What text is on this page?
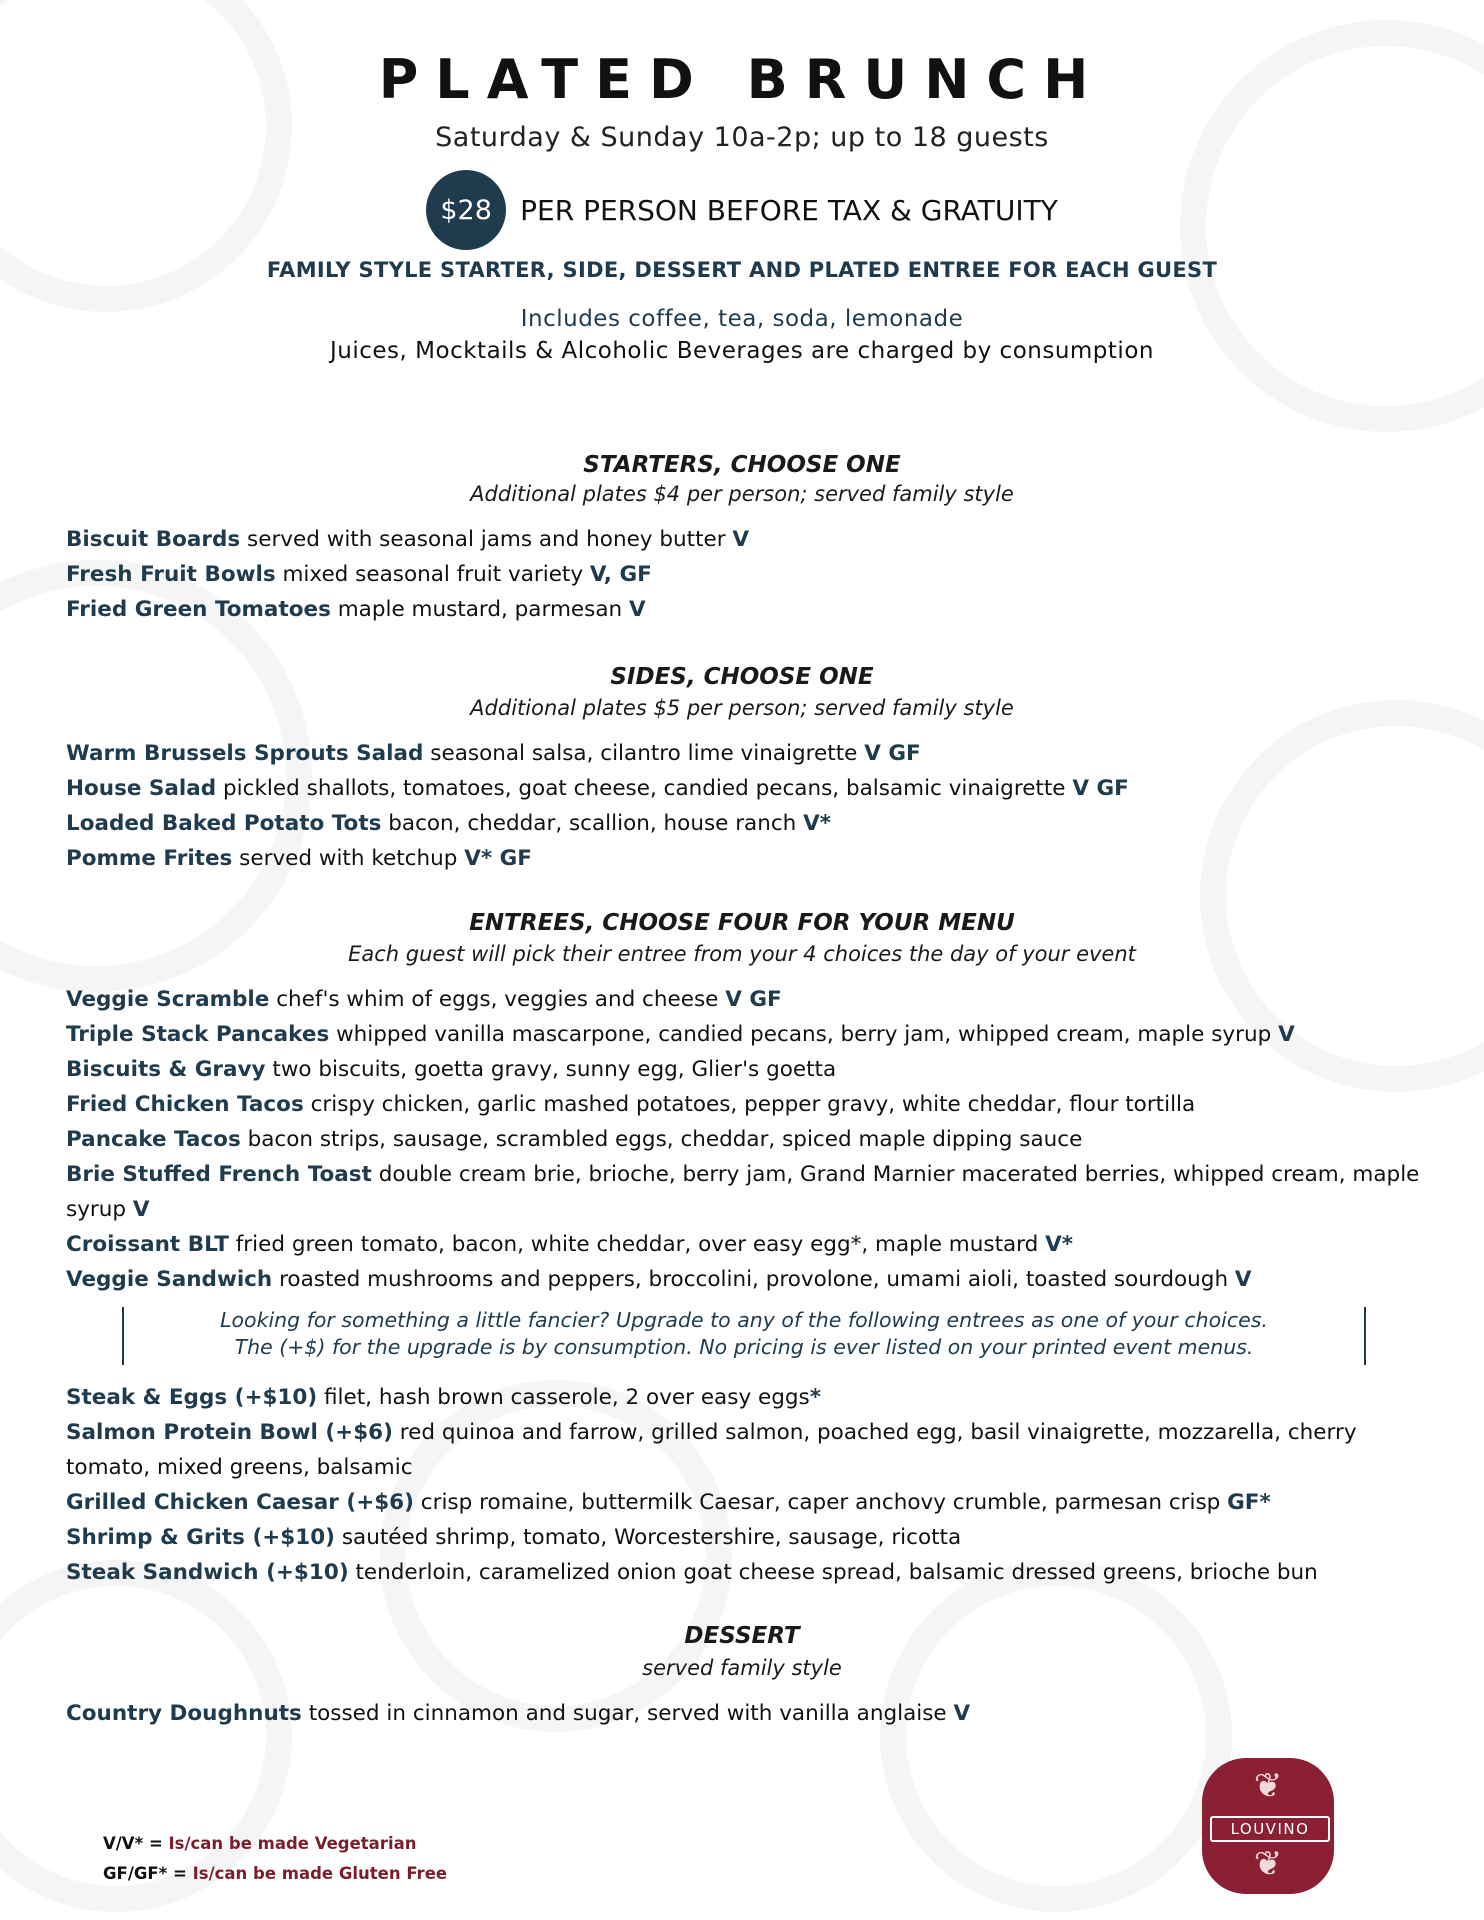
PLATED BRUNCH
Saturday & Sunday 10a-2p; up to 18 guests
$28	PER PERSON BEFORE TAX & GRATUITY
FAMILY STYLE STARTER, SIDE, DESSERT AND PLATED ENTREE FOR EACH GUEST
Includes coffee, tea, soda, lemonade
Juices, Mocktails & Alcoholic Beverages are charged by consumption
STARTERS, CHOOSE ONE
Additional plates $4 per person; served family style
Biscuit Boards served with seasonal jams and honey butter V
Fresh Fruit Bowls mixed seasonal fruit variety V, GF
Fried Green Tomatoes maple mustard, parmesan V
SIDES, CHOOSE ONE
Additional plates $5 per person; served family style
Warm Brussels Sprouts Salad seasonal salsa, cilantro lime vinaigrette V GF
House Salad pickled shallots, tomatoes, goat cheese, candied pecans, balsamic vinaigrette V GF
Loaded Baked Potato Tots bacon, cheddar, scallion, house ranch V*
Pomme Frites served with ketchup V* GF
ENTREES, CHOOSE FOUR FOR YOUR MENU
Each guest will pick their entree from your 4 choices the day of your event
Veggie Scramble chef's whim of eggs, veggies and cheese V GF
Triple Stack Pancakes whipped vanilla mascarpone, candied pecans, berry jam, whipped cream, maple syrup V
Biscuits & Gravy two biscuits, goetta gravy, sunny egg, Glier's goetta
Fried Chicken Tacos crispy chicken, garlic mashed potatoes, pepper gravy, white cheddar, flour tortilla
Pancake Tacos bacon strips, sausage, scrambled eggs, cheddar, spiced maple dipping sauce
Brie Stuffed French Toast double cream brie, brioche, berry jam, Grand Marnier macerated berries, whipped cream, maple syrup V
Croissant BLT fried green tomato, bacon, white cheddar, over easy egg*, maple mustard V*
Veggie Sandwich roasted mushrooms and peppers, broccolini, provolone, umami aioli, toasted sourdough V
Looking for something a little fancier? Upgrade to any of the following entrees as one of your choices.
The (+$) for the upgrade is by consumption. No pricing is ever listed on your printed event menus.
Steak & Eggs (+$10) filet, hash brown casserole, 2 over easy eggs*
Salmon Protein Bowl (+$6) red quinoa and farrow, grilled salmon, poached egg, basil vinaigrette, mozzarella, cherry tomato, mixed greens, balsamic
Grilled Chicken Caesar (+$6) crisp romaine, buttermilk Caesar, caper anchovy crumble, parmesan crisp GF*
Shrimp & Grits (+$10) sautéed shrimp, tomato, Worcestershire, sausage, ricotta
Steak Sandwich (+$10) tenderloin, caramelized onion goat cheese spread, balsamic dressed greens, brioche bun
DESSERT
served family style
Country Doughnuts tossed in cinnamon and sugar, served with vanilla anglaise V
V/V* = Is/can be made Vegetarian
GF/GF* = Is/can be made Gluten Free
❦
LOUVINO
❦
